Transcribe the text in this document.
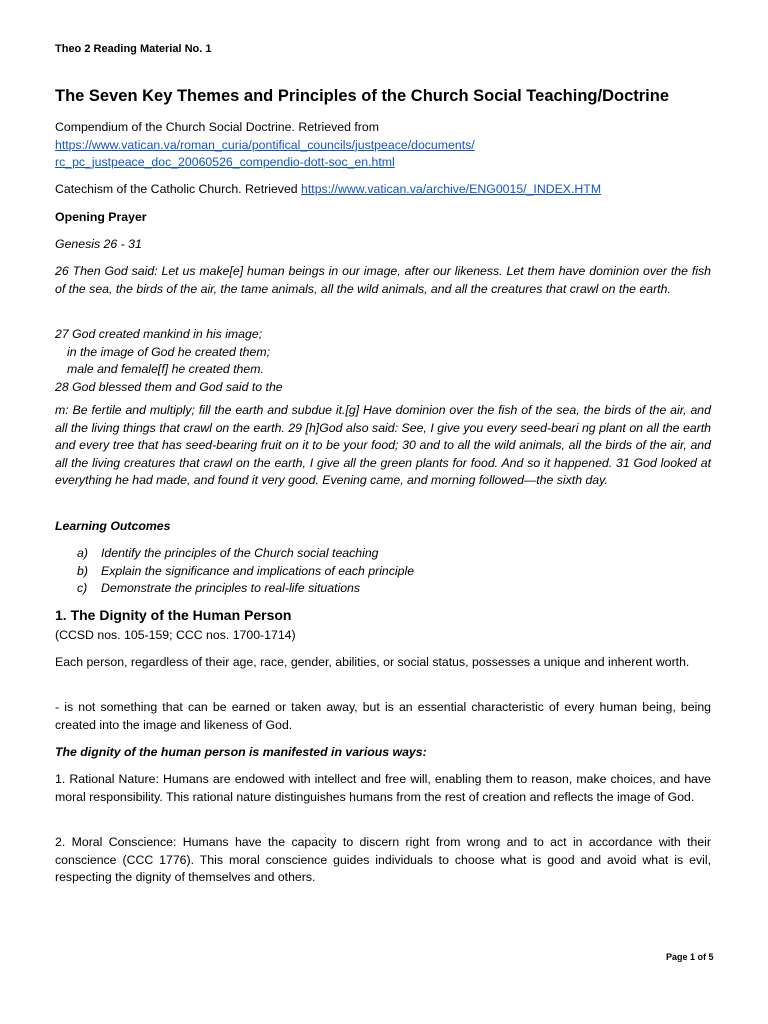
Theo 2 Reading Material No. 1
The Seven Key Themes and Principles of the Church Social Teaching/Doctrine
Compendium of the Church Social Doctrine. Retrieved from
https://www.vatican.va/roman_curia/pontifical_councils/justpeace/documents/
rc_pc_justpeace_doc_20060526_compendio-dott-soc_en.html
Catechism of the Catholic Church. Retrieved https://www.vatican.va/archive/ENG0015/_INDEX.HTM
Opening Prayer
Genesis 26 - 31
26 Then God said: Let us make[e] human beings in our image, after our likeness. Let them have dominion over the fish of the sea, the birds of the air, the tame animals, all the wild animals, and all the creatures that crawl on the earth.
27 God created mankind in his image;
in the image of God he created them;
male and female[f] he created them.
28 God blessed them and God said to the
m: Be fertile and multiply; fill the earth and subdue it.[g] Have dominion over the fish of the sea, the birds of the air, and all the living things that crawl on the earth. 29 [h]God also said: See, I give you every seed-beari ng plant on all the earth and every tree that has seed-bearing fruit on it to be your food; 30 and to all the wild animals, all the birds of the air, and all the living creatures that crawl on the earth, I give all the green plants for food. And so it happened. 31 God looked at everything he had made, and found it very good. Evening came, and morning followed—the sixth day.
Learning Outcomes
a)	Identify the principles of the Church social teaching
b)	Explain the significance and implications of each principle
c)	Demonstrate the principles to real-life situations
1. The Dignity of the Human Person
(CCSD nos. 105-159; CCC nos. 1700-1714)
Each person, regardless of their age, race, gender, abilities, or social status, possesses a unique and inherent worth.
- is not something that can be earned or taken away, but is an essential characteristic of every human being, being created into the image and likeness of God.
The dignity of the human person is manifested in various ways:
1. Rational Nature: Humans are endowed with intellect and free will, enabling them to reason, make choices, and have moral responsibility. This rational nature distinguishes humans from the rest of creation and reflects the image of God.
2. Moral Conscience: Humans have the capacity to discern right from wrong and to act in accordance with their conscience (CCC 1776). This moral conscience guides individuals to choose what is good and avoid what is evil, respecting the dignity of themselves and others.
Page 1 of 5
